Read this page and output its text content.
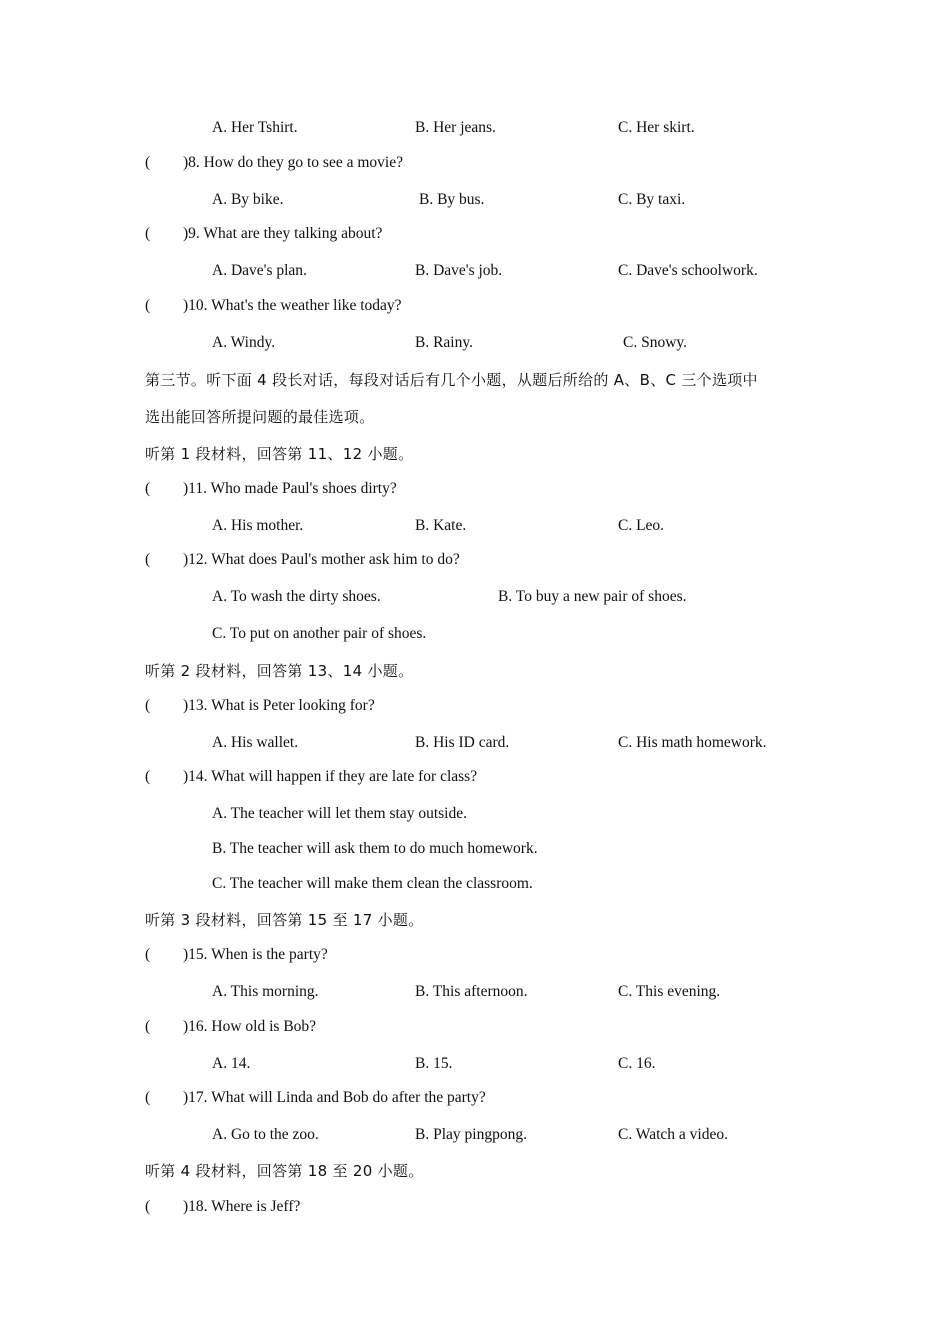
A. Her Tshirt.	B. Her jeans.	C. Her skirt.
( )8. How do they go to see a movie?
A. By bike.	B. By bus.	C. By taxi.
( )9. What are they talking about?
A. Dave's plan.	B. Dave's job.	C. Dave's schoolwork.
( )10. What's the weather like today?
A. Windy.	B. Rainy.	C. Snowy.
第三节。听下面 4 段长对话，每段对话后有几个小题，从题后所给的 A、B、C 三个选项中
选出能回答所提问题的最佳选项。
听第 1 段材料，回答第 11、12 小题。
( )11. Who made Paul's shoes dirty?
A. His mother.	B. Kate.	C. Leo.
( )12. What does Paul's mother ask him to do?
A. To wash the dirty shoes.	B. To buy a new pair of shoes.
C. To put on another pair of shoes.
听第 2 段材料，回答第 13、14 小题。
( )13. What is Peter looking for?
A. His wallet.	B. His ID card.	C. His math homework.
( )14. What will happen if they are late for class?
A. The teacher will let them stay outside.
B. The teacher will ask them to do much homework.
C. The teacher will make them clean the classroom.
听第 3 段材料，回答第 15 至 17 小题。
( )15. When is the party?
A. This morning.	B. This afternoon.	C. This evening.
( )16. How old is Bob?
A. 14.	B. 15.	C. 16.
( )17. What will Linda and Bob do after the party?
A. Go to the zoo.	B. Play pingpong.	C. Watch a video.
听第 4 段材料，回答第 18 至 20 小题。
( )18. Where is Jeff?
